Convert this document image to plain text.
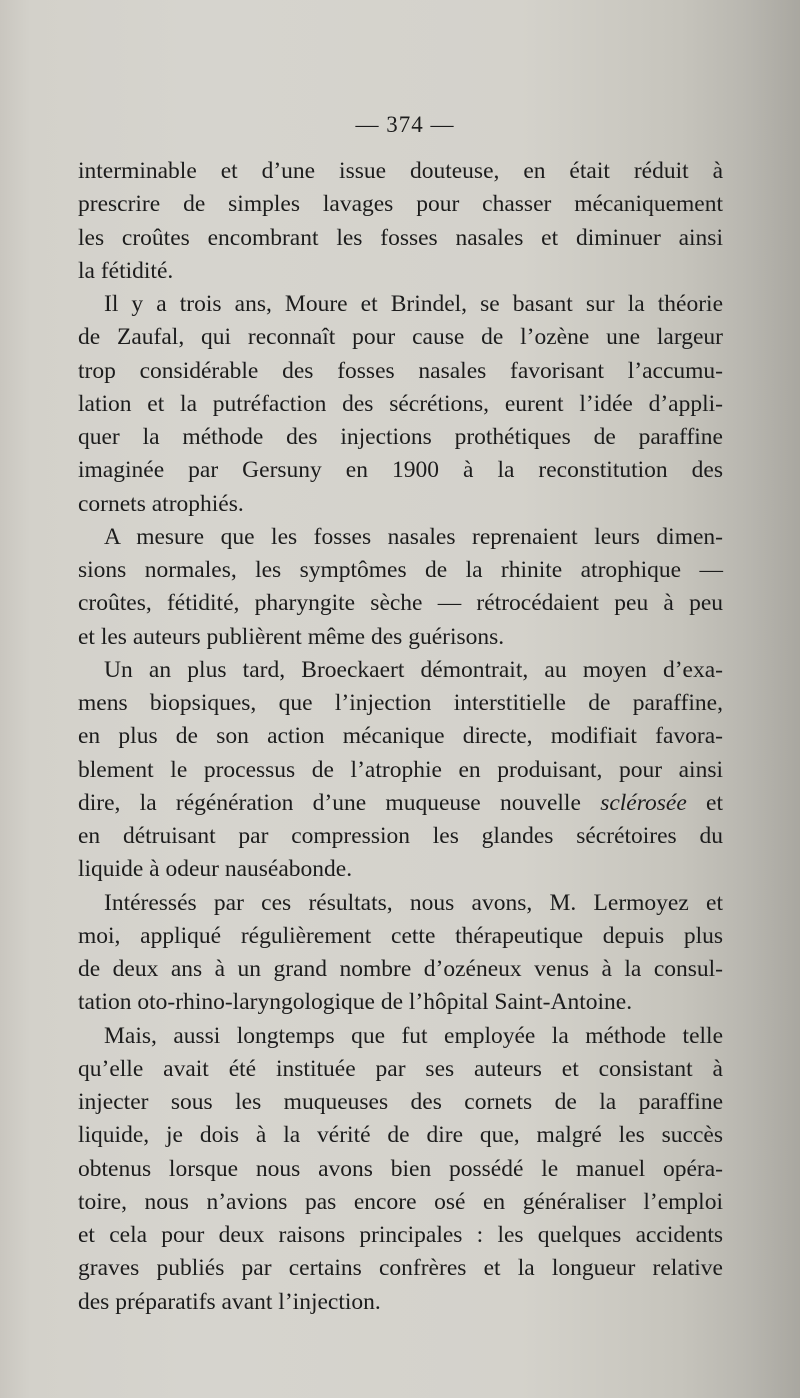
— 374 —
interminable et d’une issue douteuse, en était réduit à
prescrire de simples lavages pour chasser mécaniquement
les croûtes encombrant les fosses nasales et diminuer ainsi
la fétidité.
Il y a trois ans, Moure et Brindel, se basant sur la théorie
de Zaufal, qui reconnaît pour cause de l’ozène une largeur
trop considérable des fosses nasales favorisant l’accumu-
lation et la putréfaction des sécrétions, eurent l’idée d’appli-
quer la méthode des injections prothétiques de paraffine
imaginée par Gersuny en 1900 à la reconstitution des
cornets atrophiés.
A mesure que les fosses nasales reprenaient leurs dimen-
sions normales, les symptômes de la rhinite atrophique —
croûtes, fétidité, pharyngite sèche — rétrocédaient peu à peu
et les auteurs publièrent même des guérisons.
Un an plus tard, Broeckaert démontrait, au moyen d’exa-
mens biopsiques, que l’injection interstitielle de paraffine,
en plus de son action mécanique directe, modifiait favora-
blement le processus de l’atrophie en produisant, pour ainsi
dire, la régénération d’une muqueuse nouvelle sclérosée et
en détruisant par compression les glandes sécrétoires du
liquide à odeur nauséabonde.
Intéressés par ces résultats, nous avons, M. Lermoyez et
moi, appliqué régulièrement cette thérapeutique depuis plus
de deux ans à un grand nombre d’ozéneux venus à la consul-
tation oto-rhino-laryngologique de l’hôpital Saint-Antoine.
Mais, aussi longtemps que fut employée la méthode telle
qu’elle avait été instituée par ses auteurs et consistant à
injecter sous les muqueuses des cornets de la paraffine
liquide, je dois à la vérité de dire que, malgré les succès
obtenus lorsque nous avons bien possédé le manuel opéra-
toire, nous n’avions pas encore osé en généraliser l’emploi
et cela pour deux raisons principales : les quelques accidents
graves publiés par certains confrères et la longueur relative
des préparatifs avant l’injection.
